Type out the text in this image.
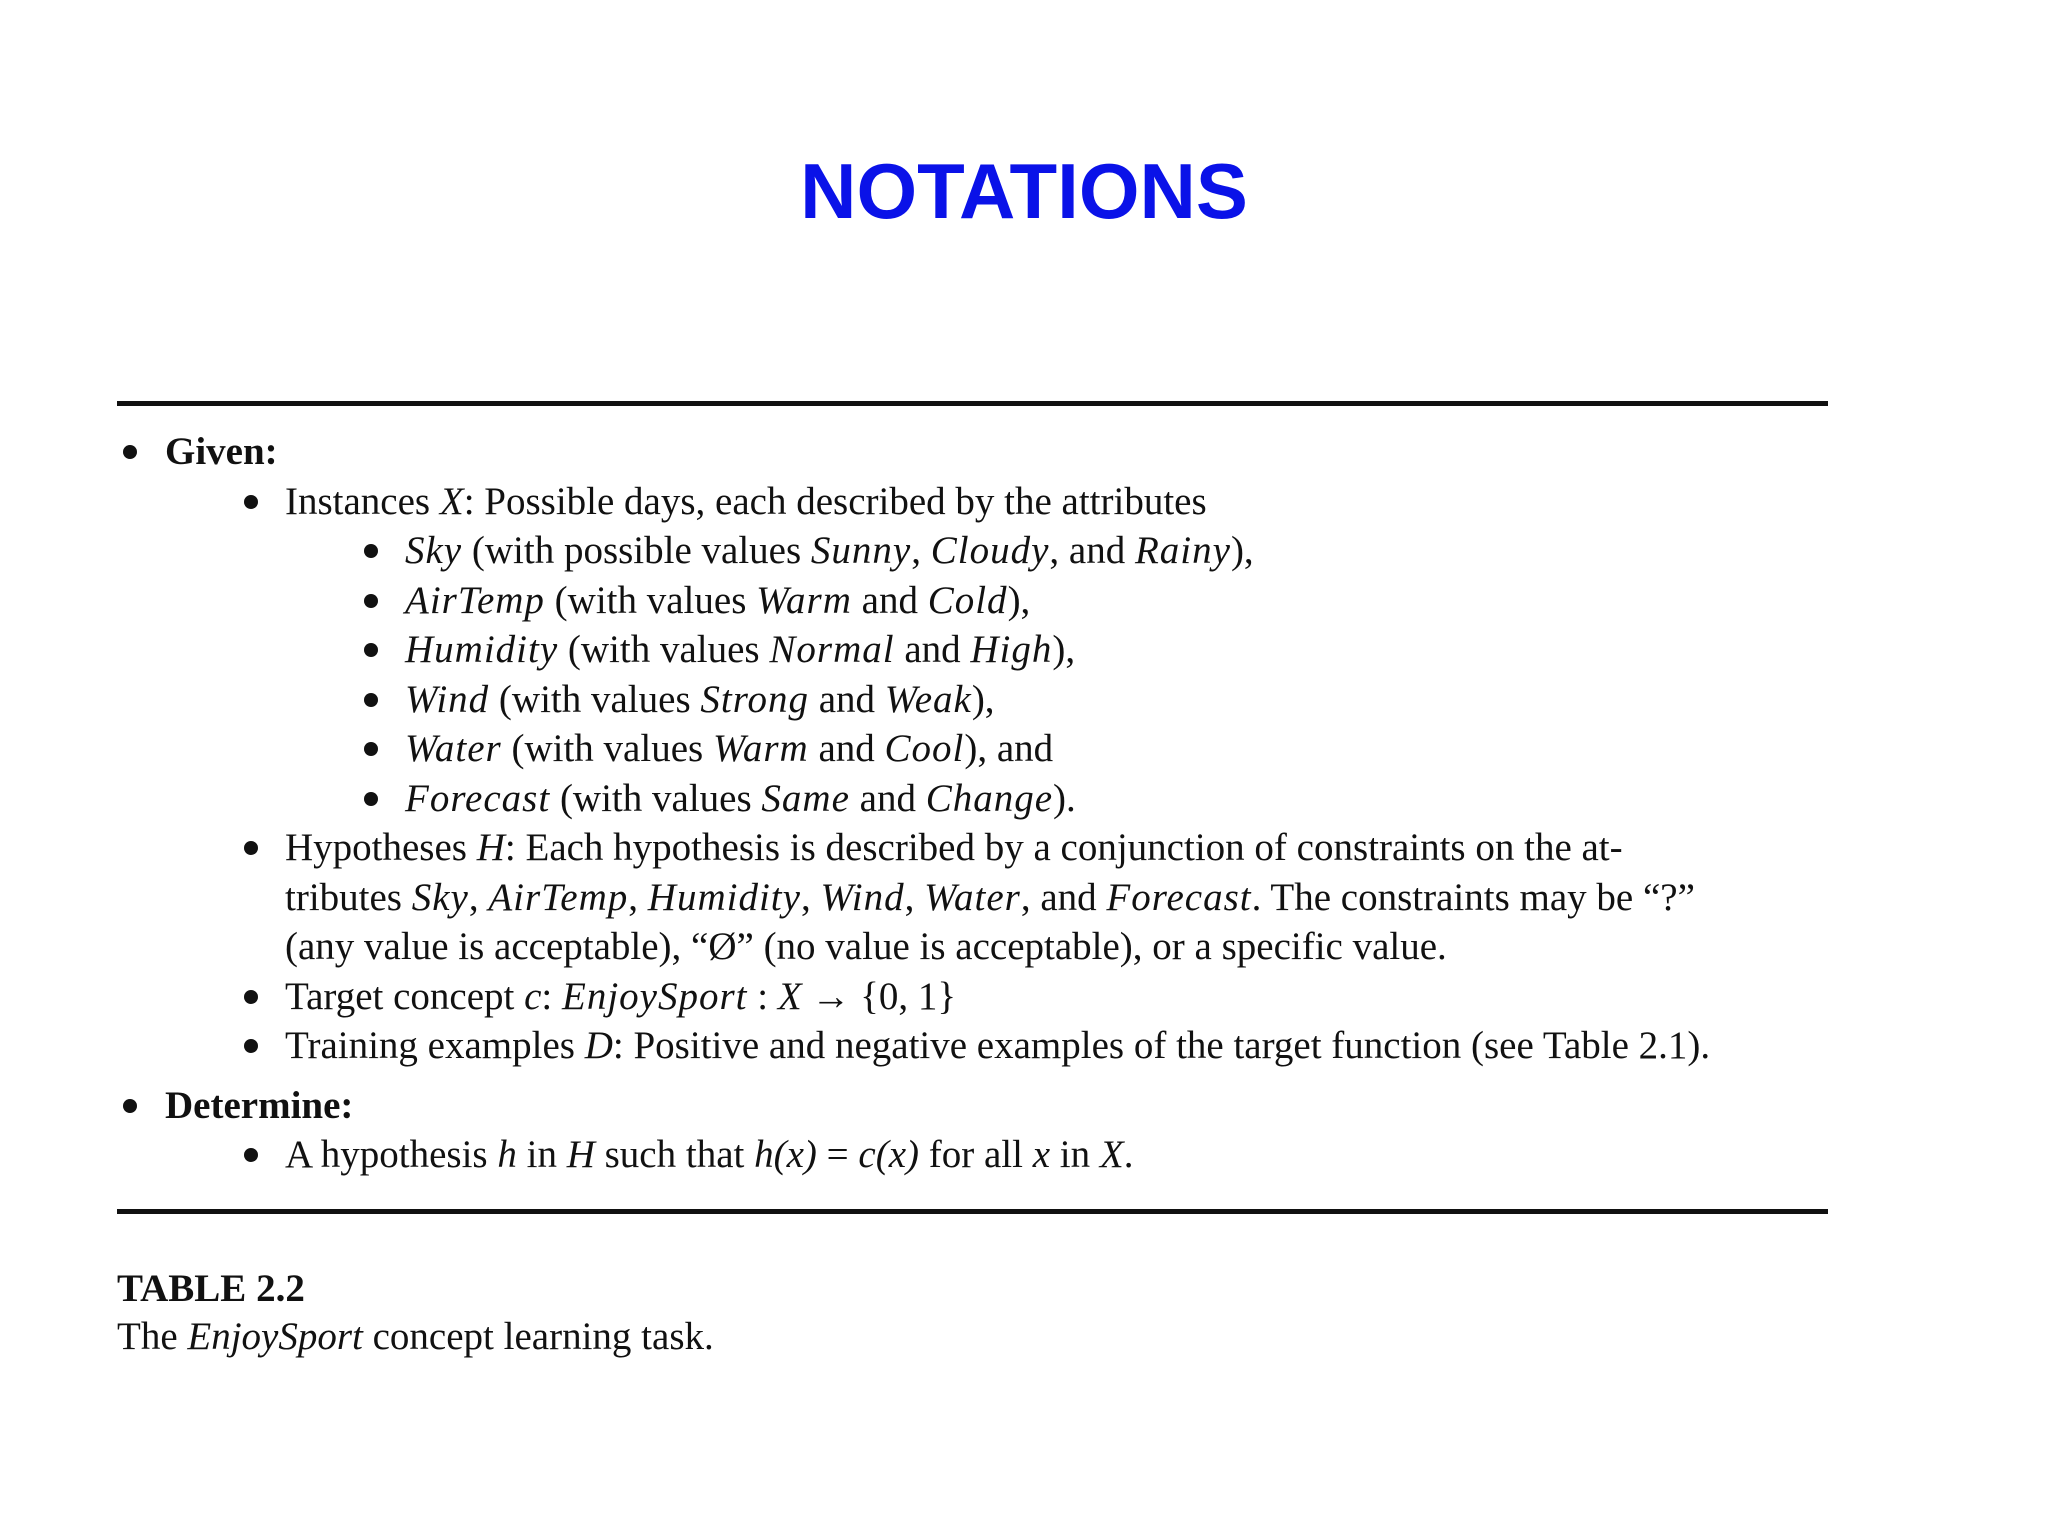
NOTATIONS
Given:
Instances X: Possible days, each described by the attributes
Sky (with possible values Sunny, Cloudy, and Rainy),
AirTemp (with values Warm and Cold),
Humidity (with values Normal and High),
Wind (with values Strong and Weak),
Water (with values Warm and Cool), and
Forecast (with values Same and Change).
Hypotheses H: Each hypothesis is described by a conjunction of constraints on the at-
tributes Sky, AirTemp, Humidity, Wind, Water, and Forecast. The constraints may be “?”
(any value is acceptable), “Ø” (no value is acceptable), or a specific value.
Target concept c: EnjoySport : X → {0, 1}
Training examples D: Positive and negative examples of the target function (see Table 2.1).
Determine:
A hypothesis h in H such that h(x) = c(x) for all x in X.
TABLE 2.2
The EnjoySport concept learning task.
